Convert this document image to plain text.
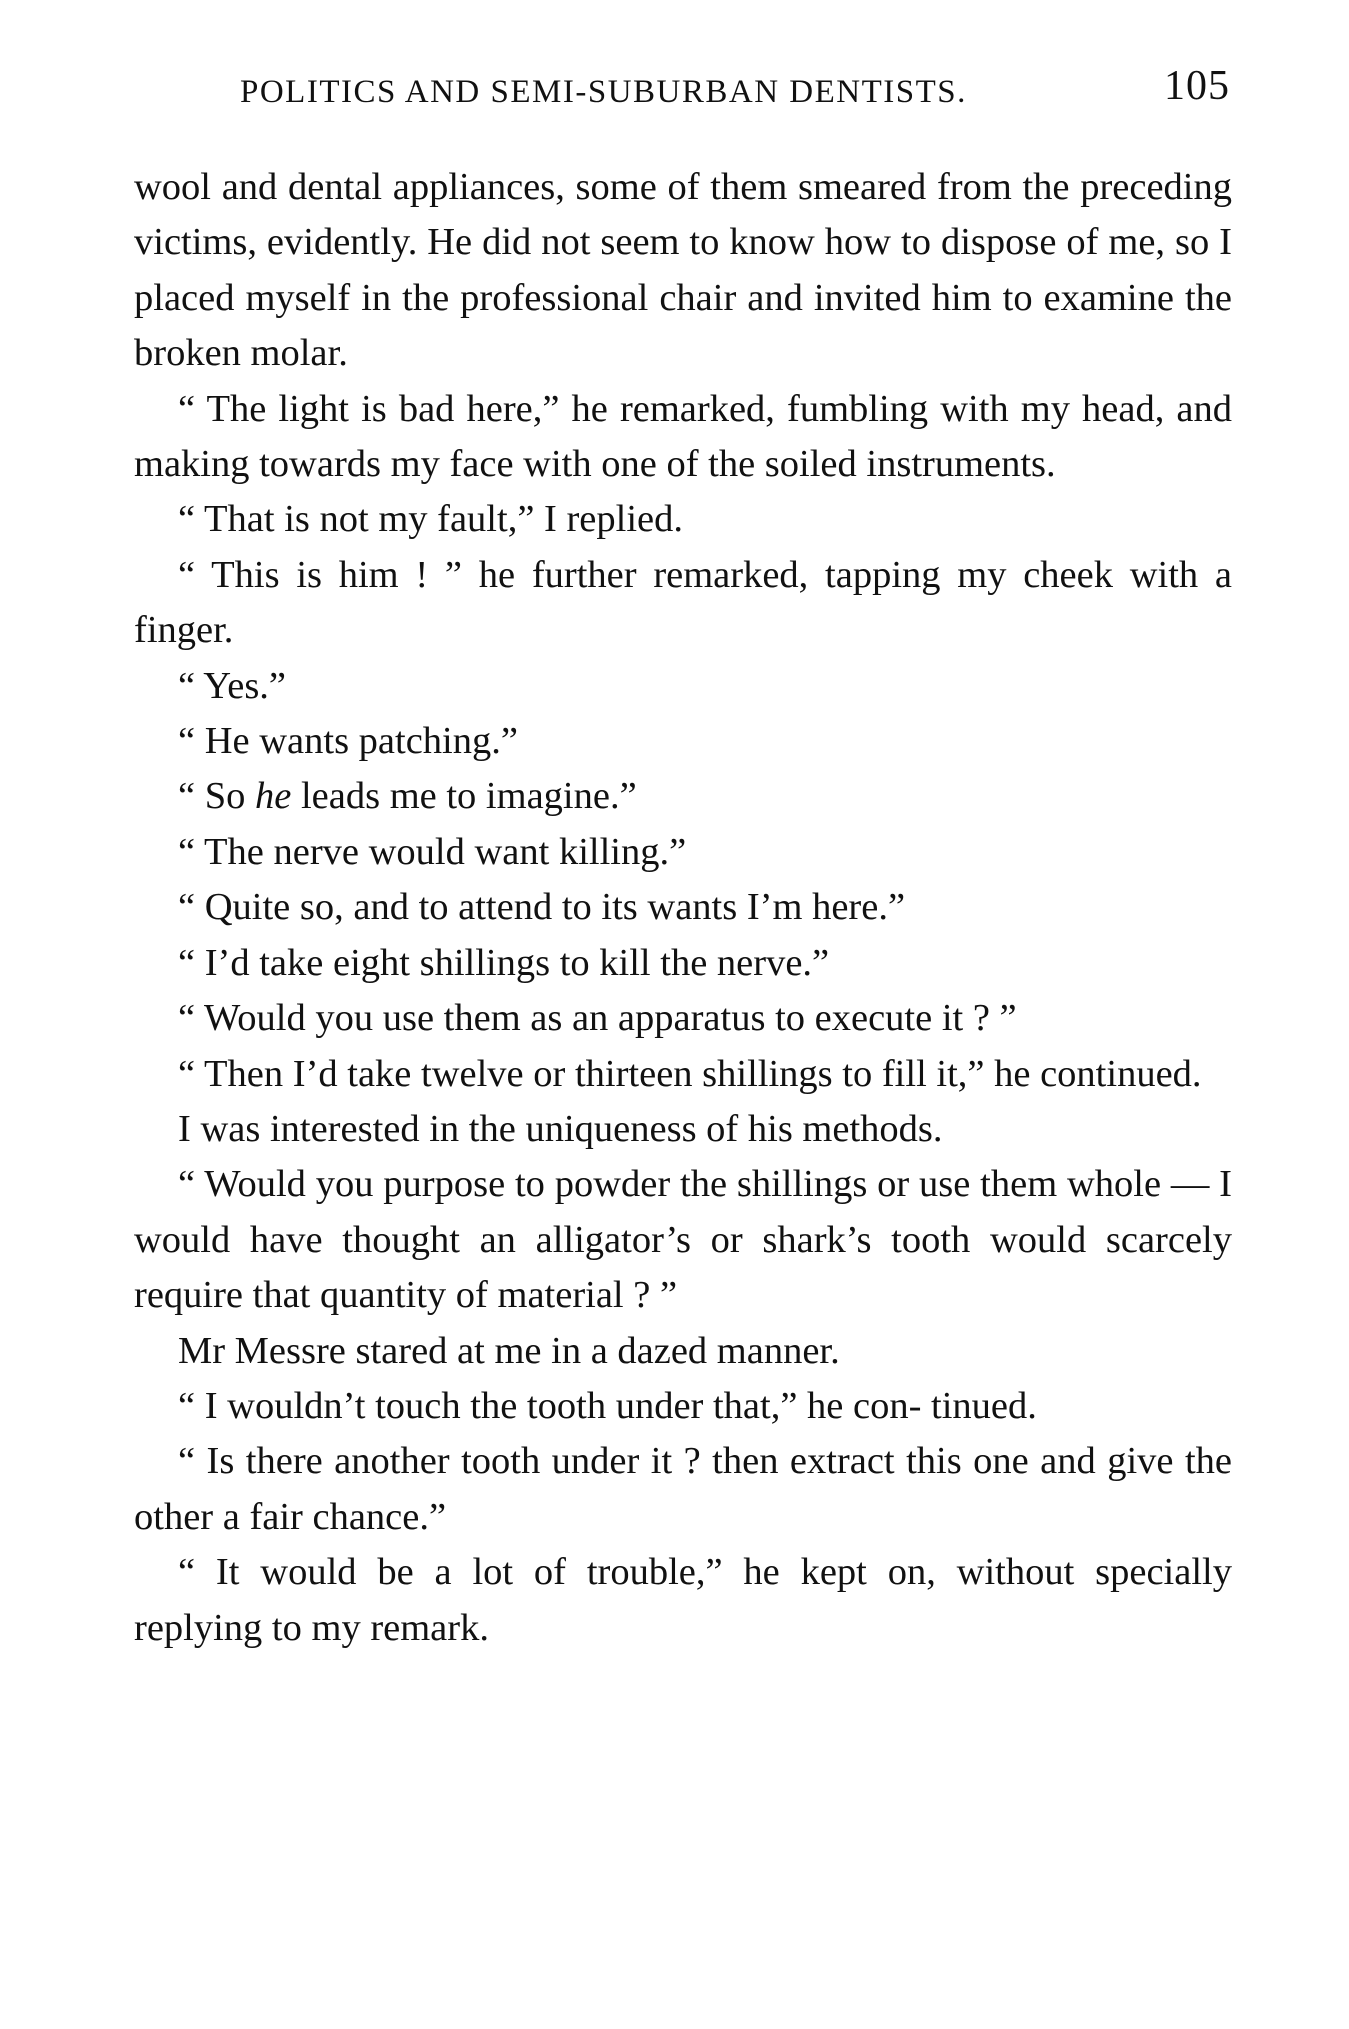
POLITICS AND SEMI-SUBURBAN DENTISTS.	105

wool and dental appliances, some of them smeared from the preceding victims, evidently. He did not seem to know how to dispose of me, so I placed myself in the professional chair and invited him to examine the broken molar.

“ The light is bad here,” he remarked, fumbling with my head, and making towards my face with one of the soiled instruments.

“ That is not my fault,” I replied.

“ This is him ! ” he further remarked, tapping my cheek with a finger.

“ Yes.”

“ He wants patching.”

“ So he leads me to imagine.”

“ The nerve would want killing.”

“ Quite so, and to attend to its wants I’m here.”

“ I’d take eight shillings to kill the nerve.”

“ Would you use them as an apparatus to execute it ? ”

“ Then I’d take twelve or thirteen shillings to fill it,” he continued.

I was interested in the uniqueness of his methods.

“ Would you purpose to powder the shillings or use them whole — I would have thought an alligator’s or shark’s tooth would scarcely require that quantity of material ? ”

Mr Messre stared at me in a dazed manner.

“ I wouldn’t touch the tooth under that,” he con- tinued.

“ Is there another tooth under it ? then extract this one and give the other a fair chance.”

“ It would be a lot of trouble,” he kept on, without specially replying to my remark.
